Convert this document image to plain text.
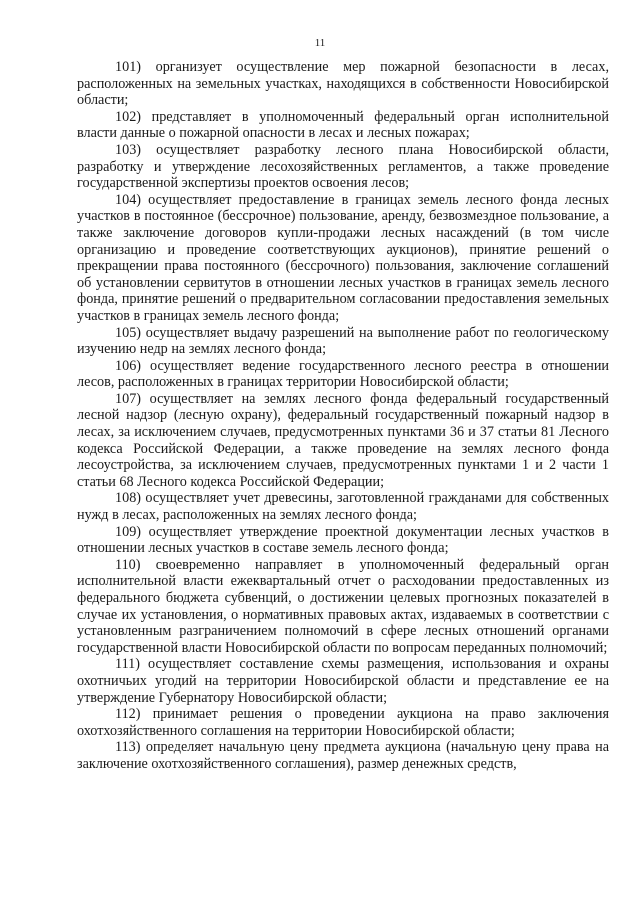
11

101) организует осуществление мер пожарной безопасности в лесах, расположенных на земельных участках, находящихся в собственности Новосибирской области;

102) представляет в уполномоченный федеральный орган исполнительной власти данные о пожарной опасности в лесах и лесных пожарах;

103) осуществляет разработку лесного плана Новосибирской области, разработку и утверждение лесохозяйственных регламентов, а также проведение государственной экспертизы проектов освоения лесов;

104) осуществляет предоставление в границах земель лесного фонда лесных участков в постоянное (бессрочное) пользование, аренду, безвозмездное пользование, а также заключение договоров купли-продажи лесных насаждений (в том числе организацию и проведение соответствующих аукционов), принятие решений о прекращении права постоянного (бессрочного) пользования, заключение соглашений об установлении сервитутов в отношении лесных участков в границах земель лесного фонда, принятие решений о предварительном согласовании предоставления земельных участков в границах земель лесного фонда;

105) осуществляет выдачу разрешений на выполнение работ по геологическому изучению недр на землях лесного фонда;

106) осуществляет ведение государственного лесного реестра в отношении лесов, расположенных в границах территории Новосибирской области;

107) осуществляет на землях лесного фонда федеральный государственный лесной надзор (лесную охрану), федеральный государственный пожарный надзор в лесах, за исключением случаев, предусмотренных пунктами 36 и 37 статьи 81 Лесного кодекса Российской Федерации, а также проведение на землях лесного фонда лесоустройства, за исключением случаев, предусмотренных пунктами 1 и 2 части 1 статьи 68 Лесного кодекса Российской Федерации;

108) осуществляет учет древесины, заготовленной гражданами для собственных нужд в лесах, расположенных на землях лесного фонда;

109) осуществляет утверждение проектной документации лесных участков в отношении лесных участков в составе земель лесного фонда;

110) своевременно направляет в уполномоченный федеральный орган исполнительной власти ежеквартальный отчет о расходовании предоставленных из федерального бюджета субвенций, о достижении целевых прогнозных показателей в случае их установления, о нормативных правовых актах, издаваемых в соответствии с установленным разграничением полномочий в сфере лесных отношений органами государственной власти Новосибирской области по вопросам переданных полномочий;

111) осуществляет составление схемы размещения, использования и охраны охотничьих угодий на территории Новосибирской области и представление ее на утверждение Губернатору Новосибирской области;

112) принимает решения о проведении аукциона на право заключения охотхозяйственного соглашения на территории Новосибирской области;

113) определяет начальную цену предмета аукциона (начальную цену права на заключение охотхозяйственного соглашения), размер денежных средств,
